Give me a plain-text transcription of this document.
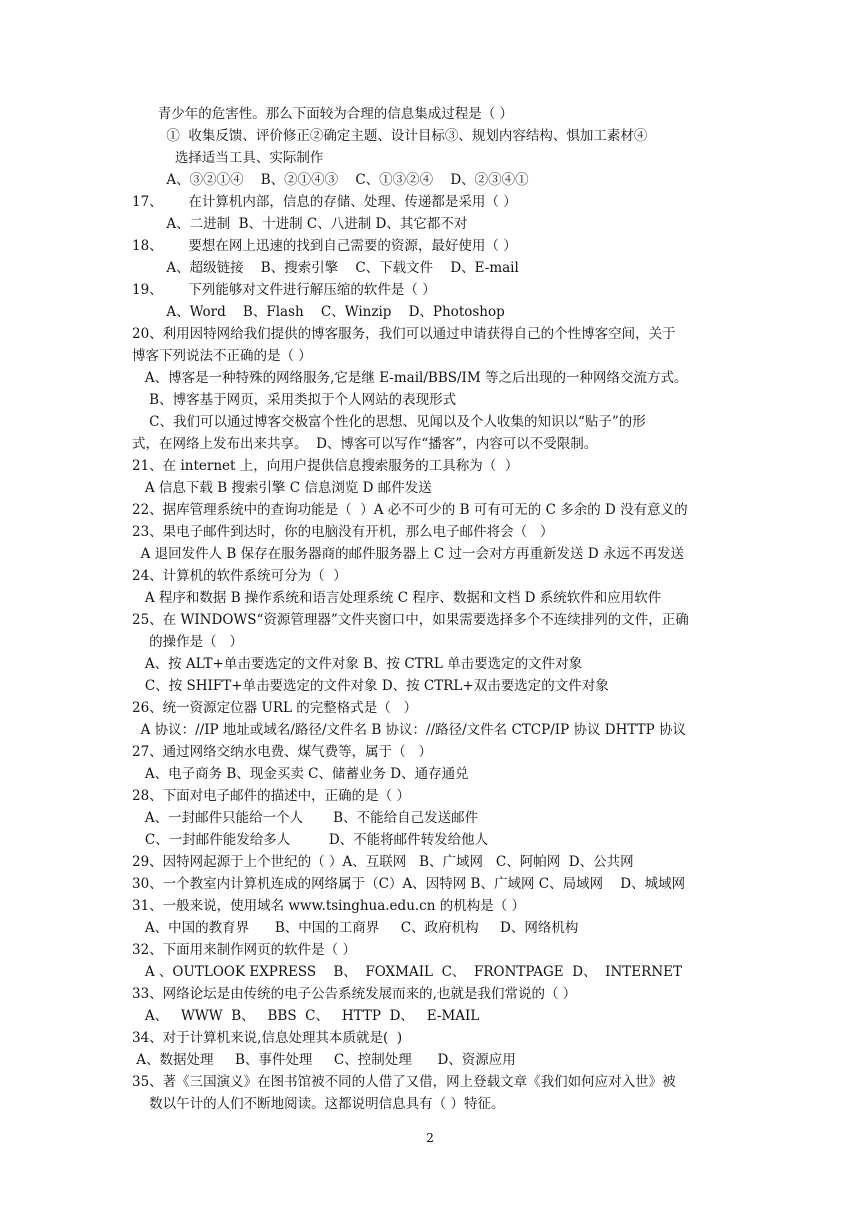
青少年的危害性。那么下面较为合理的信息集成过程是（ ）
①  收集反馈、评价修正②确定主题、设计目标③、规划内容结构、惧加工素材④
选择适当工具、实际制作
A、③②①④    B、②①④③    C、①③②④    D、②③④①
17、      在计算机内部，信息的存储、处理、传递都是采用（ ）
A、二进制  B、十进制 C、八进制 D、其它都不对
18、      要想在网上迅速的找到自己需要的资源，最好使用（ ）
A、超级链接    B、搜索引擎    C、下载文件    D、E-mail
19、      下列能够对文件进行解压缩的软件是（ ）
A、Word    B、Flash    C、Winzip    D、Photoshop
20、利用因特网给我们提供的博客服务，我们可以通过申请获得自己的个性博客空间，关于
博客下列说法不正确的是（ ）
A、博客是一种特殊的网络服务,它是继 E-mail/BBS/IM 等之后出现的一种网络交流方式。
B、博客基于网页，采用类拟于个人网站的表现形式
C、我们可以通过博客交极富个性化的思想、见闻以及个人收集的知识以“贴子”的形
式，在网络上发布出来共享。  D、博客可以写作“播客”，内容可以不受限制。
21、在 internet 上，向用户提供信息搜索服务的工具称为（  ）
A 信息下载 B 搜索引擎 C 信息浏览 D 邮件发送
22、据库管理系统中的查询功能是（  ）A 必不可少的 B 可有可无的 C 多余的 D 没有意义的
23、果电子邮件到达时，你的电脑没有开机，那么电子邮件将会（   ）
A 退回发件人 B 保存在服务器商的邮件服务器上 C 过一会对方再重新发送 D 永远不再发送
24、计算机的软件系统可分为（  ）
A 程序和数据 B 操作系统和语言处理系统 C 程序、数据和文档 D 系统软件和应用软件
25、在 WINDOWS“资源管理器”文件夹窗口中，如果需要选择多个不连续排列的文件，正确
的操作是（   ）
A、按 ALT+单击要选定的文件对象 B、按 CTRL 单击要选定的文件对象
C、按 SHIFT+单击要选定的文件对象 D、按 CTRL+双击要选定的文件对象
26、统一资源定位器 URL 的完整格式是（   ）
A 协议：//IP 地址或域名/路径/文件名 B 协议：//路径/文件名 CTCP/IP 协议 DHTTP 协议
27、通过网络交纳水电费、煤气费等，属于（   ）
A、电子商务 B、现金买卖 C、储蓄业务 D、通存通兑
28、下面对电子邮件的描述中，正确的是（ ）
A、一封邮件只能给一个人       B、不能给自己发送邮件
C、一封邮件能发给多人         D、不能将邮件转发给他人
29、因特网起源于上个世纪的（ ）A、互联网   B、广域网   C、阿帕网  D、公共网
30、一个教室内计算机连成的网络属于（C）A、因特网 B、广域网 C、局域网    D、城域网
31、一般来说，使用域名 www.tsinghua.edu.cn 的机构是（ ）
A、中国的教育界      B、中国的工商界     C、政府机构     D、网络机构
32、下面用来制作网页的软件是（ ）
A 、OUTLOOK EXPRESS    B、  FOXMAIL  C、  FRONTPAGE  D、  INTERNET
33、网络论坛是由传统的电子公告系统发展而来的,也就是我们常说的（ ）
A、   WWW  B、   BBS  C、   HTTP  D、   E-MAIL
34、对于计算机来说,信息处理其本质就是(  )
A、数据处理     B、事件处理     C、控制处理      D、资源应用
35、著《三国演义》在图书馆被不同的人借了又借，网上登载文章《我们如何应对入世》被
数以午计的人们不断地阅读。这都说明信息具有（ ）特征。
2
